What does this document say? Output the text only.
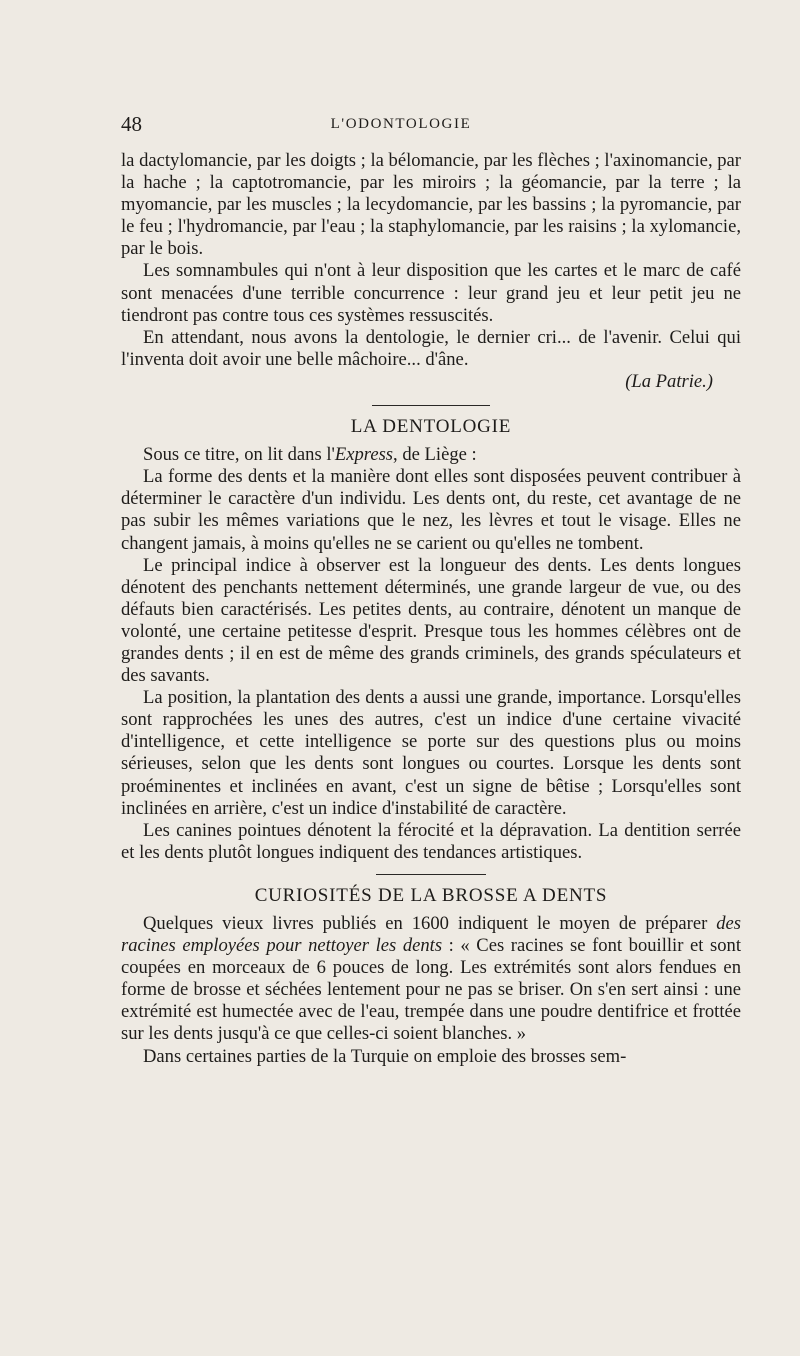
48	L'ODONTOLOGIE

la dactylomancie, par les doigts ; la bélomancie, par les flèches ; l'axinomancie, par la hache ; la captotromancie, par les miroirs ; la géomancie, par la terre ; la myomancie, par les muscles ; la lecydomancie, par les bassins ; la pyromancie, par le feu ; l'hydromancie, par l'eau ; la staphylomancie, par les raisins ; la xylomancie, par le bois.

Les somnambules qui n'ont à leur disposition que les cartes et le marc de café sont menacées d'une terrible concurrence : leur grand jeu et leur petit jeu ne tiendront pas contre tous ces systèmes ressuscités.

En attendant, nous avons la dentologie, le dernier cri... de l'avenir. Celui qui l'inventa doit avoir une belle mâchoire... d'âne.

(La Patrie.)

LA DENTOLOGIE

Sous ce titre, on lit dans l'Express, de Liège :

La forme des dents et la manière dont elles sont disposées peuvent contribuer à déterminer le caractère d'un individu. Les dents ont, du reste, cet avantage de ne pas subir les mêmes variations que le nez, les lèvres et tout le visage. Elles ne changent jamais, à moins qu'elles ne se carient ou qu'elles ne tombent.

Le principal indice à observer est la longueur des dents. Les dents longues dénotent des penchants nettement déterminés, une grande largeur de vue, ou des défauts bien caractérisés. Les petites dents, au contraire, dénotent un manque de volonté, une certaine petitesse d'esprit. Presque tous les hommes célèbres ont de grandes dents ; il en est de même des grands criminels, des grands spéculateurs et des savants.

La position, la plantation des dents a aussi une grande, importance. Lorsqu'elles sont rapprochées les unes des autres, c'est un indice d'une certaine vivacité d'intelligence, et cette intelligence se porte sur des questions plus ou moins sérieuses, selon que les dents sont longues ou courtes. Lorsque les dents sont proéminentes et inclinées en avant, c'est un signe de bêtise ; Lorsqu'elles sont inclinées en arrière, c'est un indice d'instabilité de caractère.

Les canines pointues dénotent la férocité et la dépravation. La dentition serrée et les dents plutôt longues indiquent des tendances artistiques.

CURIOSITÉS DE LA BROSSE A DENTS

Quelques vieux livres publiés en 1600 indiquent le moyen de préparer des racines employées pour nettoyer les dents : « Ces racines se font bouillir et sont coupées en morceaux de 6 pouces de long. Les extrémités sont alors fendues en forme de brosse et séchées lentement pour ne pas se briser. On s'en sert ainsi : une extrémité est humectée avec de l'eau, trempée dans une poudre dentifrice et frottée sur les dents jusqu'à ce que celles-ci soient blanches. »

Dans certaines parties de la Turquie on emploie des brosses sem-
